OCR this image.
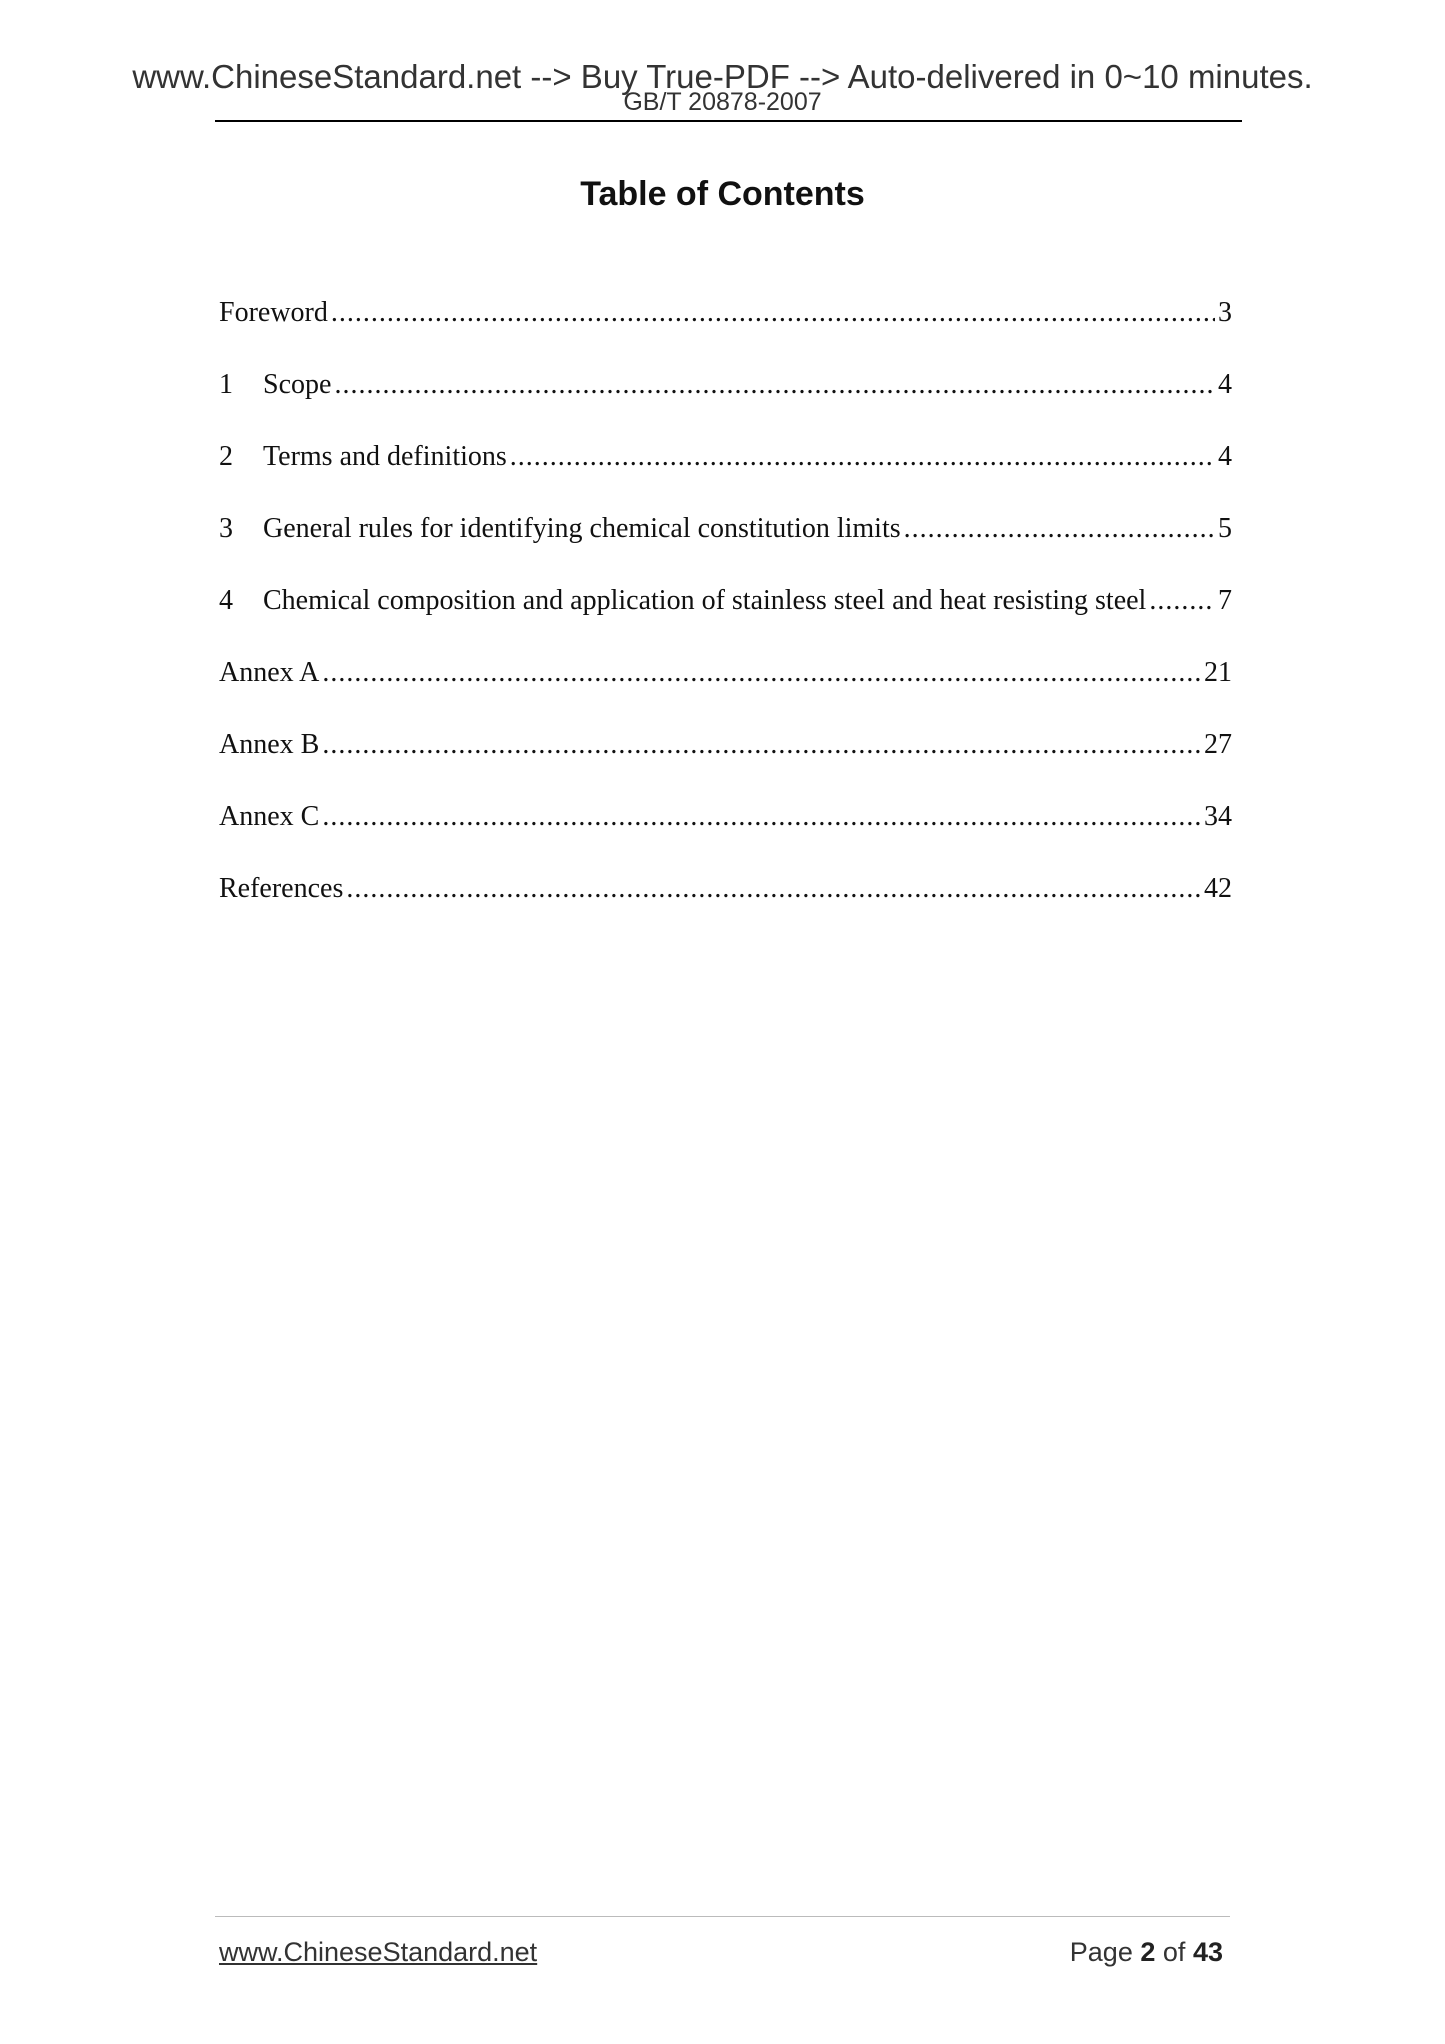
www.ChineseStandard.net --> Buy True-PDF --> Auto-delivered in 0~10 minutes.
GB/T 20878-2007
Table of Contents
Foreword .....	3
1	Scope .....	4
2	Terms and definitions .....	4
3	General rules for identifying chemical constitution limits .....	5
4	Chemical composition and application of stainless steel and heat resisting steel .....	7
Annex A .....	21
Annex B .....	27
Annex C .....	34
References .....	42
www.ChineseStandard.net	Page 2 of 43
